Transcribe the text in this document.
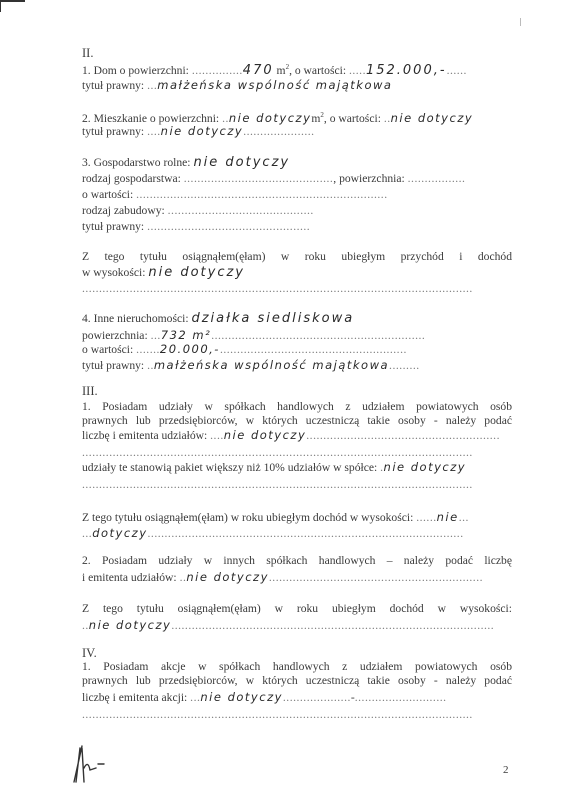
II.
1. Dom o powierzchni: ...............470 $m^2$, o wartości: .....152.000,-......
tytuł prawny: ...małżeńska wspólność majątkowa
2. Mieszkanie o powierzchni: ..nie dotyczym$^2$, o wartości: ..nie dotyczy
tytuł prawny: ....nie dotyczy.....................
3. Gospodarstwo rolne: nie dotyczy
rodzaj gospodarstwa: ............................................, powierzchnia: .................
o wartości: ..........................................................................
rodzaj zabudowy: ...........................................
tytuł prawny: ................................................
Z tego tytułu osiągnąłem(ęłam) w roku ubiegłym przychód i dochód
w wysokości: nie dotyczy
...................................................................................................................
4. Inne nieruchomości: działka siedliskowa
powierzchnia: ...732 m²...............................................................
o wartości: .......20.000,-.......................................................
tytuł prawny: ..małżeńska wspólność majątkowa.........
III.
1. Posiadam udziały w spółkach handlowych z udziałem powiatowych osób
prawnych lub przedsiębiorców, w których uczestniczą takie osoby - należy podać
liczbę i emitenta udziałów: ....nie dotyczy.........................................................
...................................................................................................................
udziały te stanowią pakiet większy niż 10% udziałów w spółce: .nie dotyczy
...................................................................................................................
Z tego tytułu osiągnąłem(ęłam) w roku ubiegłym dochód w wysokości: ......nie...
...dotyczy.............................................................................................
2. Posiadam udziały w innych spółkach handlowych – należy podać liczbę
i emitenta udziałów: ..nie dotyczy...............................................................
Z tego tytułu osiągnąłem(ęłam) w roku ubiegłym dochód w wysokości:
..nie dotyczy...............................................................................................
IV.
1. Posiadam akcje w spółkach handlowych z udziałem powiatowych osób
prawnych lub przedsiębiorców, w których uczestniczą takie osoby - należy podać
liczbę i emitenta akcji: ...nie dotyczy....................-...........................
...................................................................................................................
2
